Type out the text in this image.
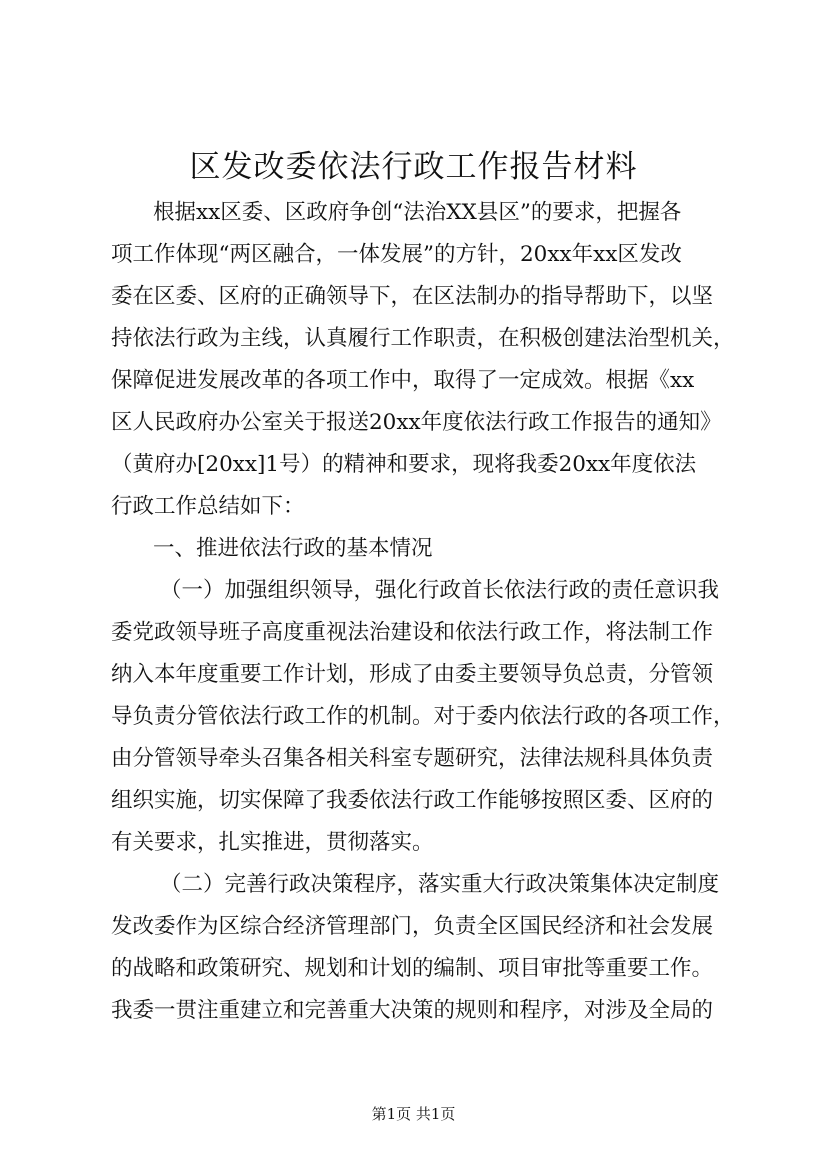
区发改委依法行政工作报告材料

根据xx区委、区政府争创“法治XX县区”的要求，把握各

项工作体现“两区融合，一体发展”的方针，20xx年xx区发改

委在区委、区府的正确领导下，在区法制办的指导帮助下，以坚

持依法行政为主线，认真履行工作职责，在积极创建法治型机关，

保障促进发展改革的各项工作中，取得了一定成效。根据《xx

区人民政府办公室关于报送20xx年度依法行政工作报告的通知》

（黄府办[20xx]1号）的精神和要求，现将我委20xx年度依法

行政工作总结如下：

一、推进依法行政的基本情况

（一）加强组织领导，强化行政首长依法行政的责任意识我

委党政领导班子高度重视法治建设和依法行政工作，将法制工作

纳入本年度重要工作计划，形成了由委主要领导负总责，分管领

导负责分管依法行政工作的机制。对于委内依法行政的各项工作，

由分管领导牵头召集各相关科室专题研究，法律法规科具体负责

组织实施，切实保障了我委依法行政工作能够按照区委、区府的

有关要求，扎实推进，贯彻落实。

（二）完善行政决策程序，落实重大行政决策集体决定制度

发改委作为区综合经济管理部门，负责全区国民经济和社会发展

的战略和政策研究、规划和计划的编制、项目审批等重要工作。

我委一贯注重建立和完善重大决策的规则和程序，对涉及全局的

第1页 共1页
